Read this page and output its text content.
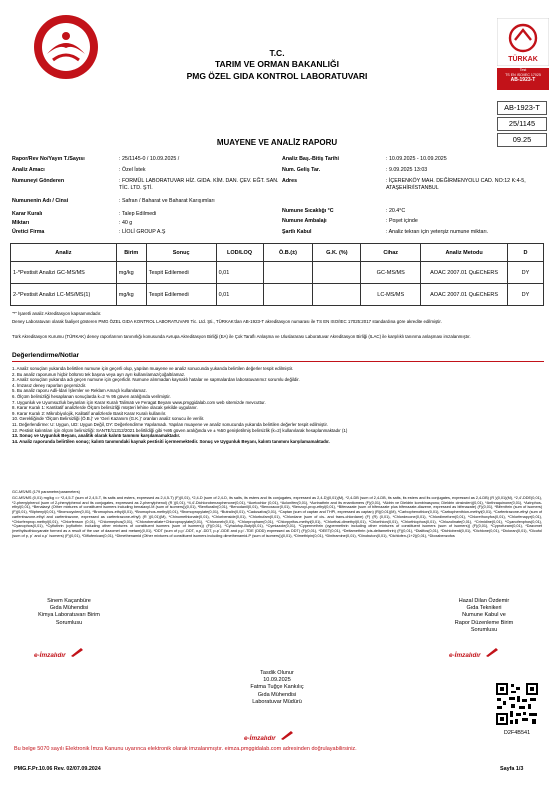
T.C.
TARIM VE ORMAN BAKANLIĞI
PMG ÖZEL GIDA KONTROL LABORATUVARI
TÜRKAK
Test
TS EN ISO/IEC 17025
AB-1923-T
AB-1923-T
25/1145
09.25
MUAYENE VE ANALİZ RAPORU
Rapor/Rev No/Yayın T./Sayısı	: 25/1145-0 / 10.09.2025 /
Analiz Amacı	: Özel İstek
Numuneyi Gönderen	: FORMÜL LABORATUVAR HİZ. GIDA. KİM. DAN. ÇEV. EĞT. SAN. TİC. LTD. ŞTİ.
Numunenin Adı / Cinsi	: Safran / Baharat ve Baharat Karışımları
Karar Kuralı	: Talep Edilmedi
Miktarı	: 40 g
Üretici Firma	: LİOLİ GROUP A.Ş
Analiz Baş.-Bitiş Tarihi	: 10.09.2025 - 10.09.2025
Num. Geliş Tar.	: 9.09.2025 13:03
Adres	: İÇERENKÖY MAH. DEĞİRMENYOLU CAD. NO:12 K:4-5, ATAŞEHİR/İSTANBUL
Numune Sıcaklığı °C	: 20.4°C
Numune Ambalajı	: Poşet içinde
Şartlı Kabul	: Analiz tekrarı için yeterşiz numune miktarı.
Analiz	Birim	Sonuç	LOD/LOQ	Ö.B.(±)	G.K. (%)	Cihaz	Analiz Metodu	D
1-*Pestisit Analizi GC-MS/MS	mg/kg	Tespit Edilemedi	0,01			GC-MS/MS	AOAC 2007.01 QuEChERS	DY
2-*Pestisit Analizi LC-MS/MS(1)	mg/kg	Tespit Edilemedi	0,01			LC-MS/MS	AOAC 2007.01 QuEChERS	DY
"*" İşaretli analiz Akreditasyon kapsamındadır.
Deney Laboratuvarı olarak faaliyet gösteren PMG ÖZEL GIDA KONTROL LABORATUVARI Tic. Ltd. Şti., TÜRKAK'dan AB-1923-T akreditasyon numarası ile TS EN ISO/IEC 17025:2017 standardına göre akredite edilmiştir.
Türk Akreditasyon Kurumu (TÜRKAK) deney raporlarının tanınırlığı konusunda Avrupa Akreditasyon Birliği (EA) ile Çok Taraflı Anlaşma ve Uluslararası Laboratuvar Akreditasyon Birliği (ILAC) ile karşılıklı tanınma anlaşması imzalanmıştır.
Değerlendirme/Notlar
1. Analiz sonuçları yukarıda belirtilen numune için geçerli olup, yapılan muayene ve analiz sonucunda yukarıda belirtilen değerler tespit edilmiştir.
2. Bu analiz raporunun hiçbir bölümü tek başına veya ayrı ayrı kullanılamaz/çoğaltılamaz.
3. Analiz sonuçları yukarıda adı geçen numune için geçerlidir. Numune alınmadan kaynaklı hatalar ve sapmalardan laboratuvarımız sorumlu değildir.
4. İmzasız deney raporları geçersizdir.
5. Bu analiz raporu Adli-İdari İşlemler ve Reklam Amaçlı kullanılamaz.
6. Ölçüm belirsizliği hesaplanan sonuçlarda k=2 % 95 güven aralığında verilmiştir.
7. Uygunluk ve Uyumsuzluk beyanları için Karar Kuralı Talimatı ve Feragat Beyanı www.pmggidalab.com web sitemizde mevcuttur.
8. Karar Kuralı 1: Kantitatif analizlerde Ölçüm belirsizliği müşteri lehine olacak şekilde uygulanır.
9. Karar Kuralı 2: Mikrobiyolojik, Kalitatif analizlerde Basit Karar Kuralı kullanılır.
10. Gerekliğinde 'Ölçüm Belirsizliği (Ö.B.)' ve 'Geri Kazanım (G.K.)' oranları analiz sonucu ile verilir.
11. Değerlendirme: U: Uygun, UD: Uygun Değil, DY: Değerlendirme Yapılamadı. Yapılan muayene ve analiz sonucunda yukarıda belirtilen değerler tespit edilmiştir.
12. Pestisit kalıntıları için ölçüm belirsizliği: SANTE/11312/2021 belirtildiği gibi %95 güven aralığında ve ± %50 genişletilmiş belirsizlik (k=2) kullanılarak hesaplanmaktadır (1)
13. Sonuç ve Uygunluk Beyanı, analitik olarak kalıntı tanımını karşılamamaktadır.
14. Analiz raporunda belirtilen sonuç; kalıntı tanımındaki kaynak pestisiti içermemektedir. Sonuç ve Uygunluk Beyanı, kalıntı tanımını karşılamamaktadır.
GC-MS/MS (179 parametre/parameters)
GC-MS/MS (0,01) mg/kg => *2,4,5-T (sum of 2,4,5-T, its salts and esters, expressed as 2,4,5-T) (F)(0,01), *2,4-D (sum of 2,4-D, its salts, its esters and its conjugates, expressed as 2,4-D)(0,01)(M), *2,4-DB (sum of 2,4-DB, its salts, its esters and its conjugates, expressed as 2,4-DB) (R )(0,01)(M), *2,4'-DDE(0,01), *2-phenylphenol (sum of 2-phenylphenol and its conjugates, expressed as 2-phenylphenol) (R )(0,01), *4,4'-Dichlorobenzophenone(0,01), *Acetochlor (0,01), *Aclonifen(0,01), *Acrinathrin and its enantiomers (F)(0,01), *Aldrin ve Dieldrin kombinasyonu; Dieldrin cinsinden)(0,01), *Anthraquinone(0,01), *Azinphos-ethyl(0,01), *Benalaxyl (Other mixtures of constituent isomers including benalaxyl-M (sum of isomers))(0,01), *Benfluralin(0,01), *Benodanil(0,01), *Benoxacor(0,01), *Benzoyl-prop-ethyl(0,01), *Bifenazate (sum of bifenazate plus bifenazate-diazene, expressed as bifenazate) (F)(0,01), *Bifenthrin (sum of isomers) (F)(0,01), *Biphenyl(0,01), *Bromocyclen(0,01), *Bromophos-ethyl(0,01), *Bromophos-methyl(0,01), *Bromopropylate(0,01), *Butralin(0,01), *Cadusafos(0,01), *Captan (sum of captan and THPI, expressed as captan) (R)(0,01)(M), *Carbophenothion(0,01), *Carbophenthion-methyl(0,01), *Carfentrazone-ethyl (sum of carfentrazone-ethyl and carfentrazone, expressed as carfentrazone-ethyl) (R )(0,01)(M), *Chinomethionate(0,01), *Chlorbenside(0,01), *Chlorbufam(0,01), *Chlordane (sum of cis- and trans-chlordane) (F) (R) (0,01), *Chlordecone(0,01), *Chlordimeform(0,01), *Chlorethoxyfos(0,01), *Chlorfenapyr(0,01), *Chlorfenprop-methyl(0,01), *Chlorfenson (0,01), *Chlormephos(0,01), *Chlorobenzilate+Chloropropylate(0,01), *Chloroneb(0,01), *Chlorpropham(0,01), *Chlorpyrifos-methyl(0,01), *Chlorthal-dimethyl(0,01), *Chlorthion(0,01), *Chlorthiophos(0,01), *Chlozolinate(0,01), *Crimidine(0,01), *Cyanofenphos(0,01), *Cyanophos(0,01), *Cyfluthrin (cyfluthrin including other mixtures of constituent isomers (sum of isomers)) (F)(0,01), *Cyhalofop-Butyl(0,01), *Cymiazole(0,01), *Cypermethrin (cypermethrin including other mixtures of constituent isomers (sum of isomers)) (F)(0,01), *Cyprofuram(0,01), *Dazomet (methylisothiocyanate formed as a result of the use of dazomet and metam)(0,01), *DDT (sum of p,p´-DDT, o,p´-DDT, p-p´-DDE and p,p´-TDE (DDD) expressed as DDT) (F)(0,01), *DEET(0,01), *Deltamethrin (cis-deltamethrin) (F)(0,01), *Dialifos(0,01), *Dichlobenil(0,01), *Dichlone(0,01), *Dicloran(0,01), *Dicofol (sum of p, p´ and o,p´ isomers) (F)(0,01), *Diflufenican(0,01), *Dimethenamid (Other mixtures of constituent isomers including dimethenamid-P (sum of isomers))(0,01), *Dimethipin(0,01), *Dinitramine(0,01), *Dinobuton(0,01), *Dichlofen-(1+2)(0,01), *Dioxabenzofos
Sinem Kaçanbüre
Gıda Mühendisi
Kimya Laboratuvarı Birim
Sorumlusu
e-İmzalıdır
Hazal Dilan Özdemir
Gıda Teknikeri
Numune Kabul ve
Rapor Düzenleme Birim
Sorumlusu
e-İmzalıdır
Tasdik Olunur
10.09.2025
Fatma Tuğçe Kankılıç
Gıda Mühendisi
Laboratuvar Müdürü
e-İmzalıdır
D2F4B541
Bu belge 5070 sayılı Elektronik İmza Kanunu uyarınca elektronik olarak imzalanmıştır. eimza.pmggidalab.com adresinden doğrulayabilirsiniz.
PMG.F.Pr.10.06 Rev. 02/07.09.2024	Sayfa 1/3
